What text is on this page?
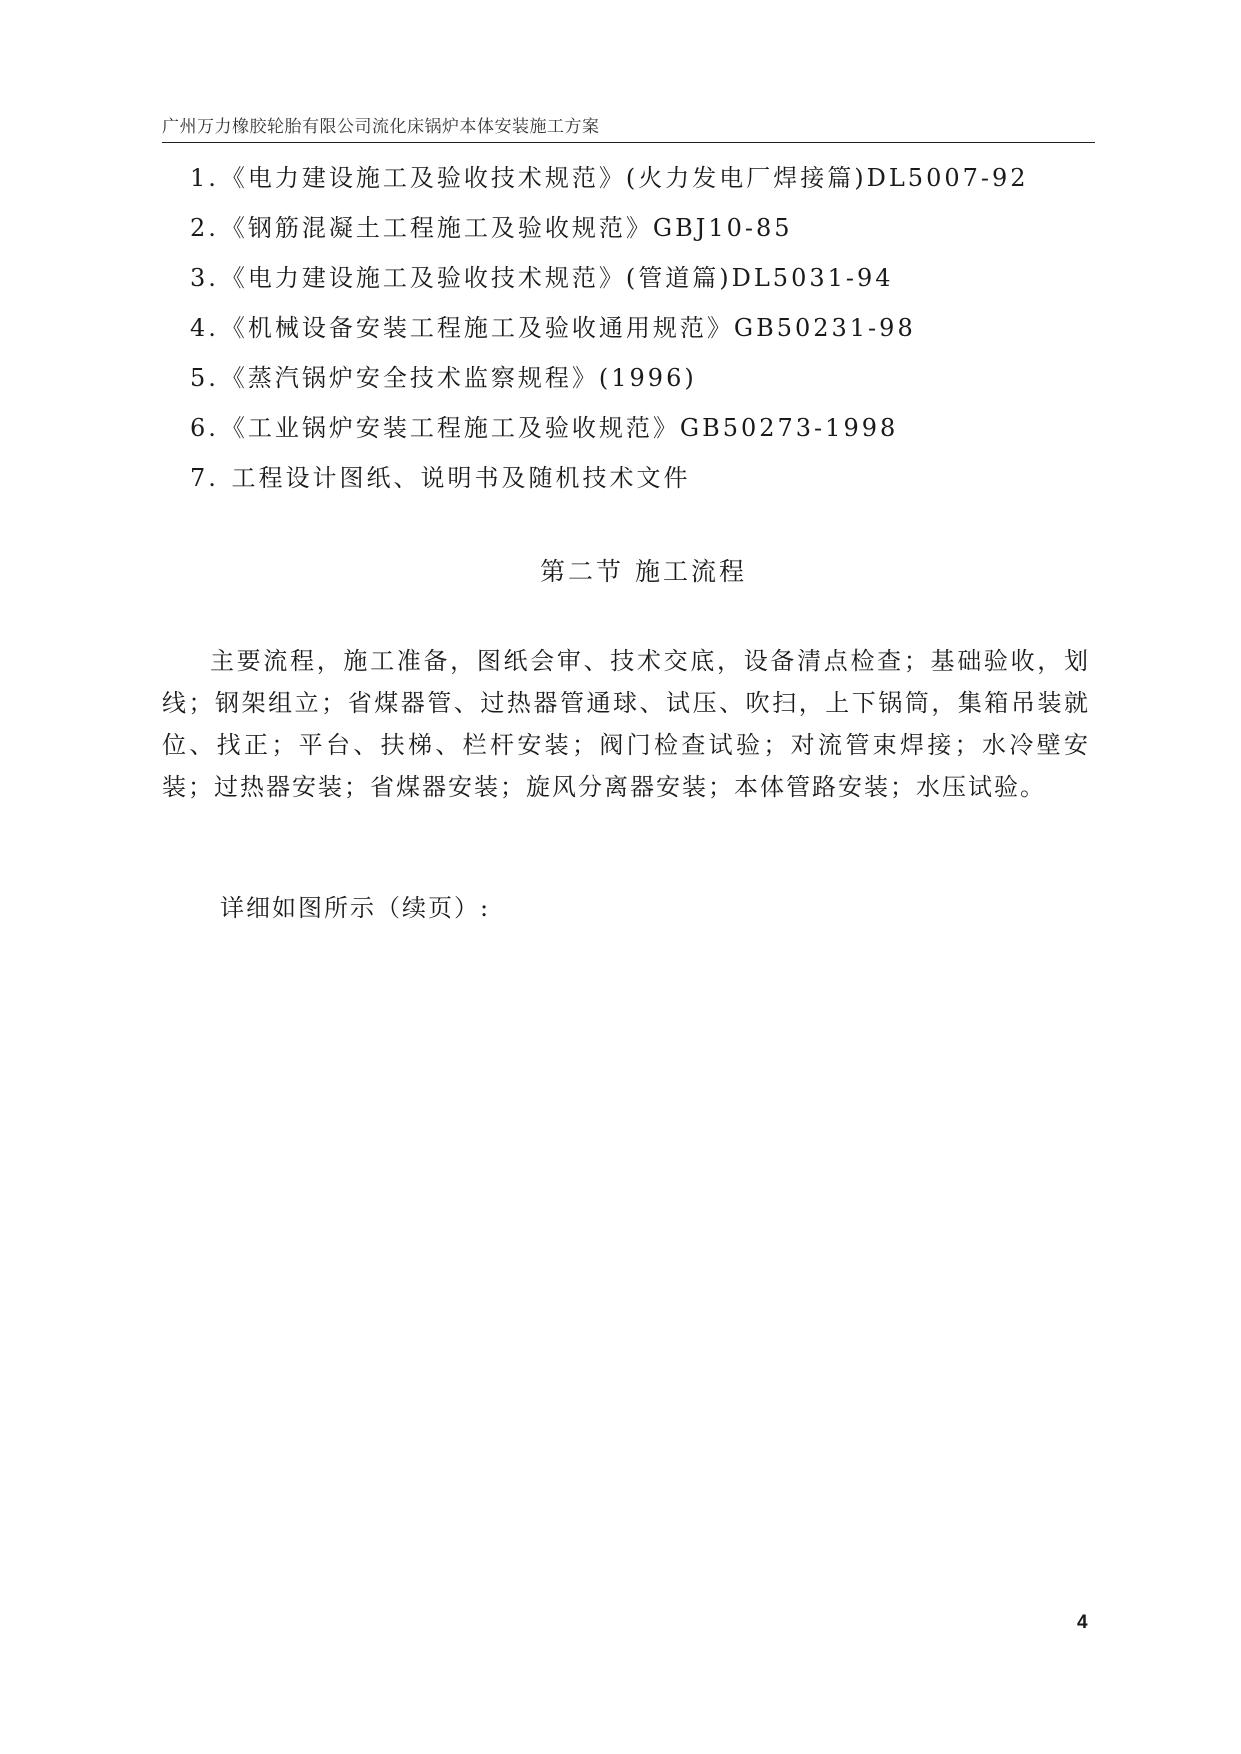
广州万力橡胶轮胎有限公司流化床锅炉本体安装施工方案
1.《电力建设施工及验收技术规范》(火力发电厂焊接篇)DL5007-92
2.《钢筋混凝土工程施工及验收规范》GBJ10-85
3.《电力建设施工及验收技术规范》(管道篇)DL5031-94
4.《机械设备安装工程施工及验收通用规范》GB50231-98
5.《蒸汽锅炉安全技术监察规程》(1996)
6.《工业锅炉安装工程施工及验收规范》GB50273-1998
7. 工程设计图纸、说明书及随机技术文件
第二节 施工流程

主要流程，施工准备，图纸会审、技术交底，设备清点检查；基础验收，划线；钢架组立；省煤器管、过热器管通球、试压、吹扫，上下锅筒，集箱吊装就位、找正；平台、扶梯、栏杆安装；阀门检查试验；对流管束焊接；水冷壁安装；过热器安装；省煤器安装；旋风分离器安装；本体管路安装；水压试验。

详细如图所示（续页）:
4
